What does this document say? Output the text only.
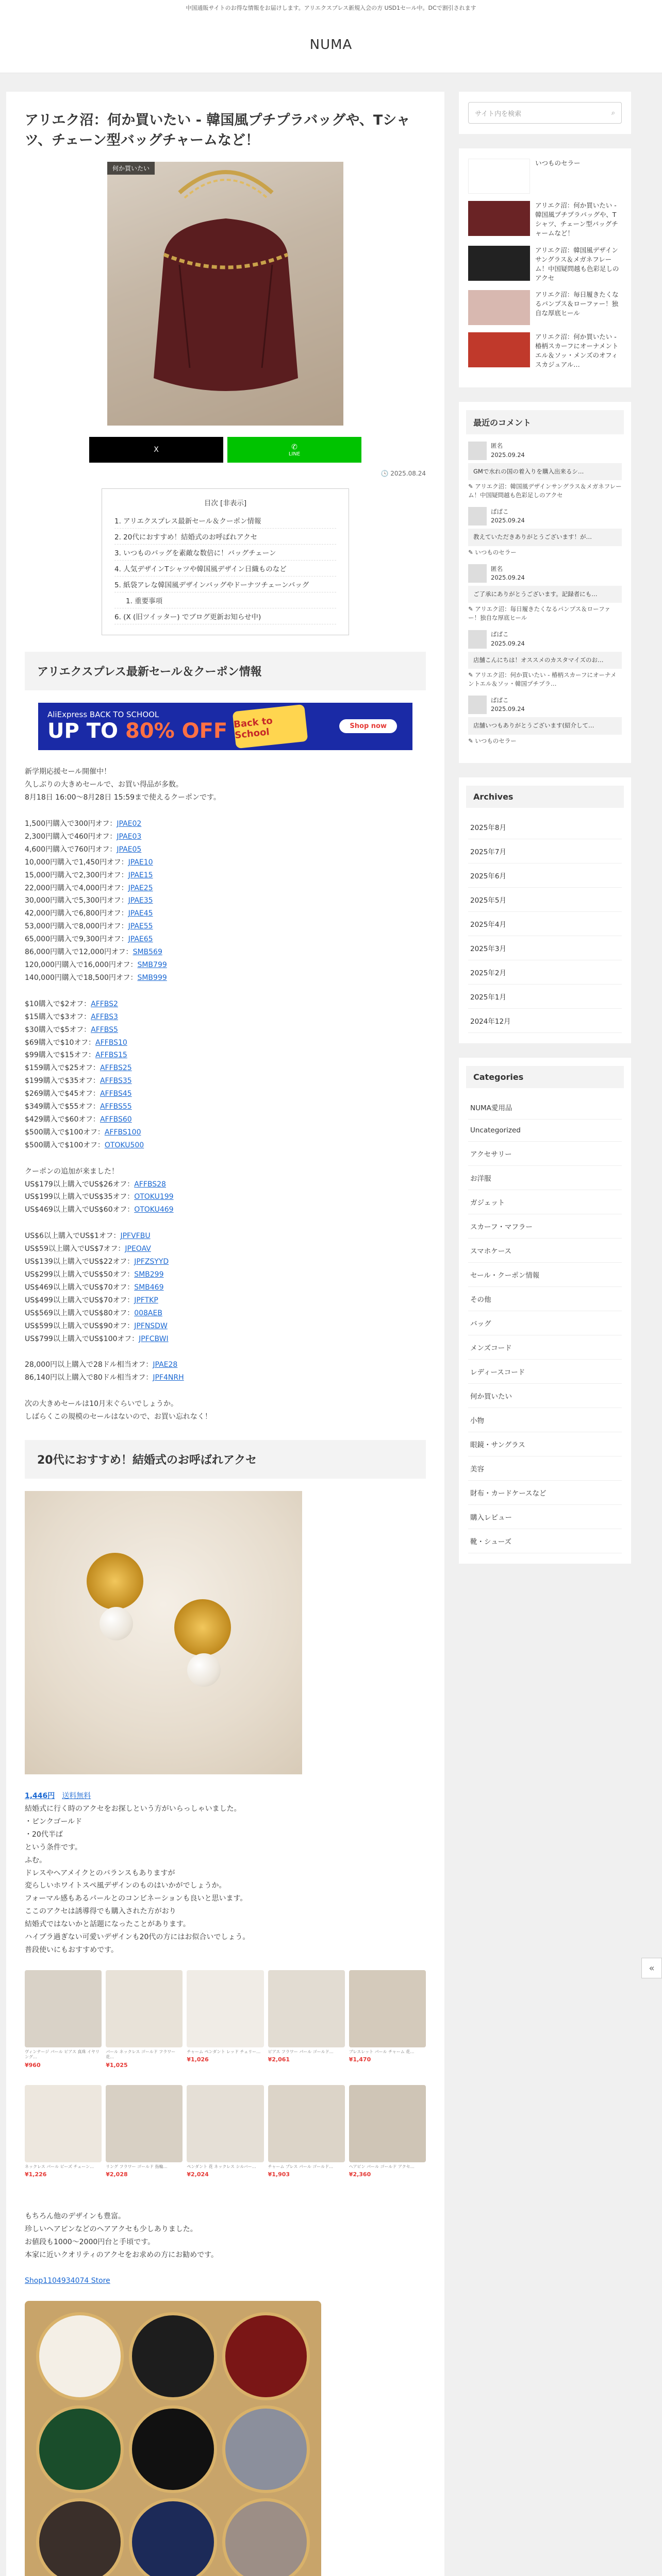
中国通販サイトのお得な情報をお届けします。アリエクスプレス新規入会の方 USD1セール中。DCで割引されます
NUMA
アリエク沼：何か買いたい - 韓国風プチプラバッグや、Tシャツ、チェーン型バッグチャームなど！
何か買いたい
X	✆
LINE
🕓 2025.08.24
目次 [非表示]
1. アリエクスプレス最新セール＆クーポン情報
2. 20代におすすめ！結婚式のお呼ばれアクセ
3. いつものバッグを素敵な数倍に！バッグチェーン
4. 人気デザインTシャツや韓国風デザイン日織ものなど
5. 紙袋アレな韓国風デザインバッグやドーナツチェーンバッグ
1. 重要事項
6. (X (旧ツイッター) でブログ更新お知らせ中)
アリエクスプレス最新セール＆クーポン情報
AliExpress BACK TO SCHOOL
UP TO 80% OFF Back to School
Shop now

新学期応援セール開催中！

久しぶりの大きめセールで、お買い得品が多数。

8月18日 16:00〜8月28日 15:59まで使えるクーポンです。

1,500円購入で300円オフ：JPAE02

2,300円購入で460円オフ：JPAE03

4,600円購入で760円オフ：JPAE05

10,000円購入で1,450円オフ：JPAE10

15,000円購入で2,300円オフ：JPAE15

22,000円購入で4,000円オフ：JPAE25

30,000円購入で5,300円オフ：JPAE35

42,000円購入で6,800円オフ：JPAE45

53,000円購入で8,000円オフ：JPAE55

65,000円購入で9,300円オフ：JPAE65

86,000円購入で12,000円オフ：SMB569

120,000円購入で16,000円オフ：SMB799

140,000円購入で18,500円オフ：SMB999

$10購入で$2オフ：AFFBS2

$15購入で$3オフ：AFFBS3

$30購入で$5オフ：AFFBS5

$69購入で$10オフ：AFFBS10

$99購入で$15オフ：AFFBS15

$159購入で$25オフ：AFFBS25

$199購入で$35オフ：AFFBS35

$269購入で$45オフ：AFFBS45

$349購入で$55オフ：AFFBS55

$429購入で$60オフ：AFFBS60

$500購入で$100オフ：AFFBS100

$500購入で$100オフ：OTOKU500

クーポンの追加が来ました！

US$179以上購入でUS$26オフ：AFFBS28

US$199以上購入でUS$35オフ：OTOKU199

US$469以上購入でUS$60オフ：OTOKU469

US$6以上購入でUS$1オフ：JPFVFBU

US$59以上購入でUS$7オフ：JPEOAV

US$139以上購入でUS$22オフ：JPFZSYYD

US$299以上購入でUS$50オフ：SMB299

US$469以上購入でUS$70オフ：SMB469

US$499以上購入でUS$70オフ：JPFTKP

US$569以上購入でUS$80オフ：008AEB

US$599以上購入でUS$90オフ：JPFNSDW

US$799以上購入でUS$100オフ：JPFCBWI

28,000円以上購入で28ドル相当オフ：JPAE28

86,140円以上購入で80ドル相当オフ：JPF4NRH

次の大きめセールは10月末ぐらいでしょうか。

しばらくこの規模のセールはないので、お買い忘れなく！

20代におすすめ！結婚式のお呼ばれアクセ

1,446円　 送料無料

結婚式に行く時のアクセをお探しという方がいらっしゃいました。

・ピンクゴールド

・20代半ば

という条件です。

ふむ。

ドレスやヘアメイクとのバランスもありますが

変らしいホワイトスペ風デザインのものはいかがでしょうか。

フォーマル感もあるパールとのコンビネーションも良いと思います。

ここのアクセは誘導得でも購入された方がおり

結婚式ではないかと話題になったことがあります。

ハイブラ過ぎない可愛いデザインも20代の方にはお似合いでしょう。

普段使いにもおすすめです。

ヴィンテージ パール ピアス 真珠 イヤリング…
¥960
パール ネックレス ゴールド フラワー 花…
¥1,025
チャーム ペンダント レッド チェリー…
¥1,026
ピアス フラワー パール ゴールド…
¥2,061
ブレスレット パール チャーム 花…
¥1,470
ネックレス パール ビーズ チェーン…
¥1,226
リング フラワー ゴールド 指輪…
¥2,028
ペンダント 花 ネックレス シルバー…
¥2,024
チャーム ブレス パール ゴールド…
¥1,903
ヘアピン パール ゴールド アクセ…
¥2,360

もちろん他のデザインも豊富。

珍しいヘアピンなどのヘアアクセも少しありました。

お値段も1000〜2000円台と手頃です。

本家に近いクオリティのアクセをお求めの方にお勧めです。

Shop1104934074 Store

サイト内を検索	⌕
いつものセラー
アリエク沼：何か買いたい - 韓国風プチプラバッグや、Tシャツ、チェーン型バッグチャームなど！
アリエク沼：韓国風デザインサングラス＆メガネフレーム！中国疑問越も色彩足しのアクセ
アリエク沼：毎日履きたくなるパンプス＆ローファー！独自な厚底ヒール
アリエク沼：何か買いたい - 椿柄スカーフにオーナメントエル＆ソッ・メンズのオフィスカジュアル…
最近のコメント
匿名
2025.09.24
GMで水れの国の着入りを購入出来るシ…
✎ アリエク沼：韓国風デザインサングラス＆メガネフレーム！中国疑問越も色彩足しのアクセ
ぱぱこ
2025.09.24
教えていただきありがとうございます！が…
✎ いつものセラー
匿名
2025.09.24
ご了承にありがとうございます。記録者にも…
✎ アリエク沼：毎日履きたくなるパンプス＆ローファー！独自な厚底ヒール
ぱぱこ
2025.09.24
店舗こんにちは！オススメのカスタマイズのお…
✎ アリエク沼：何か買いたい - 椿柄スカーフにオーナメントエル＆ソッ・韓国プチプラ…
ぱぱこ
2025.09.24
店舗いつもありがとうございます(紹介して…
✎ いつものセラー
Archives
2025年8月
2025年7月
2025年6月
2025年5月
2025年4月
2025年3月
2025年2月
2025年1月
2024年12月
Categories
NUMA愛用品
Uncategorized
アクセサリー
お洋服
ガジェット
スカーフ・マフラー
スマホケース
セール・クーポン情報
その他
バッグ
メンズコード
レディースコード
何か買いたい
小物
眼鏡・サングラス
美容
財布・カードケースなど
購入レビュー
靴・シューズ
«
